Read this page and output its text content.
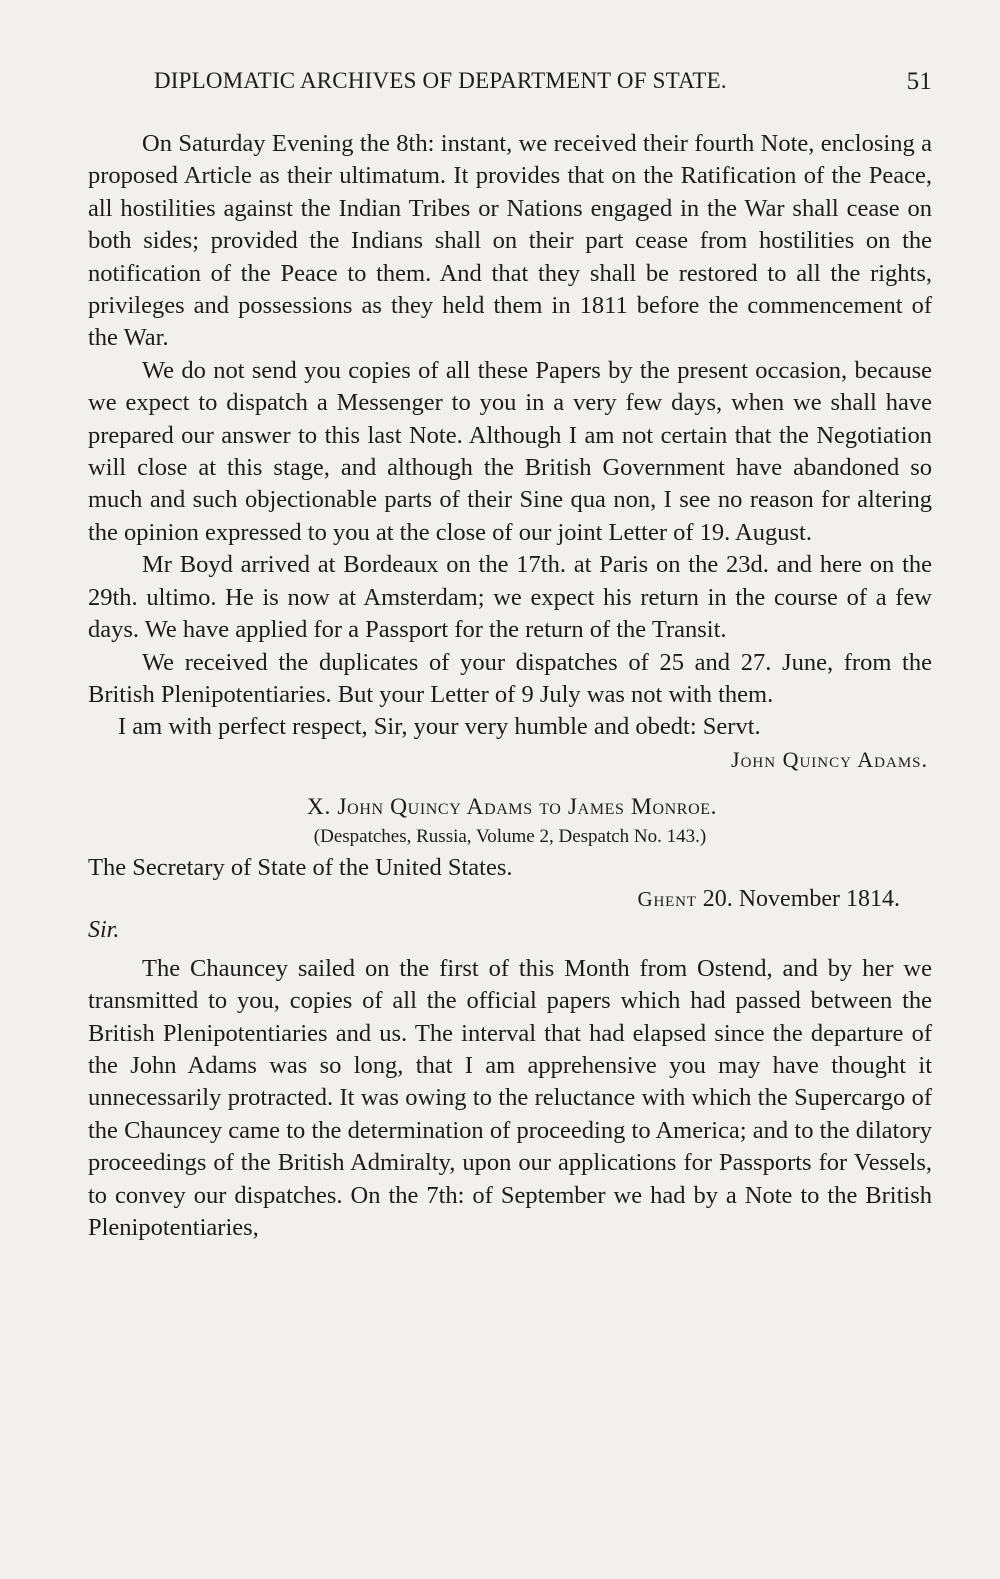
DIPLOMATIC ARCHIVES OF DEPARTMENT OF STATE.	51

On Saturday Evening the 8th: instant, we received their fourth Note, enclosing a proposed Article as their ultimatum. It provides that on the Ratification of the Peace, all hostilities against the Indian Tribes or Nations engaged in the War shall cease on both sides; provided the Indians shall on their part cease from hostilities on the notification of the Peace to them. And that they shall be restored to all the rights, privileges and possessions as they held them in 1811 before the commencement of the War.

We do not send you copies of all these Papers by the present occasion, because we expect to dispatch a Messenger to you in a very few days, when we shall have prepared our answer to this last Note. Although I am not certain that the Negotiation will close at this stage, and although the British Government have abandoned so much and such objectionable parts of their Sine qua non, I see no reason for altering the opinion expressed to you at the close of our joint Letter of 19. August.

Mr Boyd arrived at Bordeaux on the 17th. at Paris on the 23d. and here on the 29th. ultimo. He is now at Amsterdam; we expect his return in the course of a few days. We have applied for a Passport for the return of the Transit.

We received the duplicates of your dispatches of 25 and 27. June, from the British Plenipotentiaries. But your Letter of 9 July was not with them.

I am with perfect respect, Sir, your very humble and obedt: Servt.

John Quincy Adams.
X. John Quincy Adams to James Monroe.
(Despatches, Russia, Volume 2, Despatch No. 143.)
The Secretary of State of the United States.
Ghent 20. November 1814.
Sir.

The Chauncey sailed on the first of this Month from Ostend, and by her we transmitted to you, copies of all the official papers which had passed between the British Plenipotentiaries and us. The interval that had elapsed since the departure of the John Adams was so long, that I am apprehensive you may have thought it unnecessarily protracted. It was owing to the reluctance with which the Supercargo of the Chauncey came to the determination of proceeding to America; and to the dilatory proceedings of the British Admiralty, upon our applications for Passports for Vessels, to convey our dispatches. On the 7th: of September we had by a Note to the British Plenipotentiaries,
